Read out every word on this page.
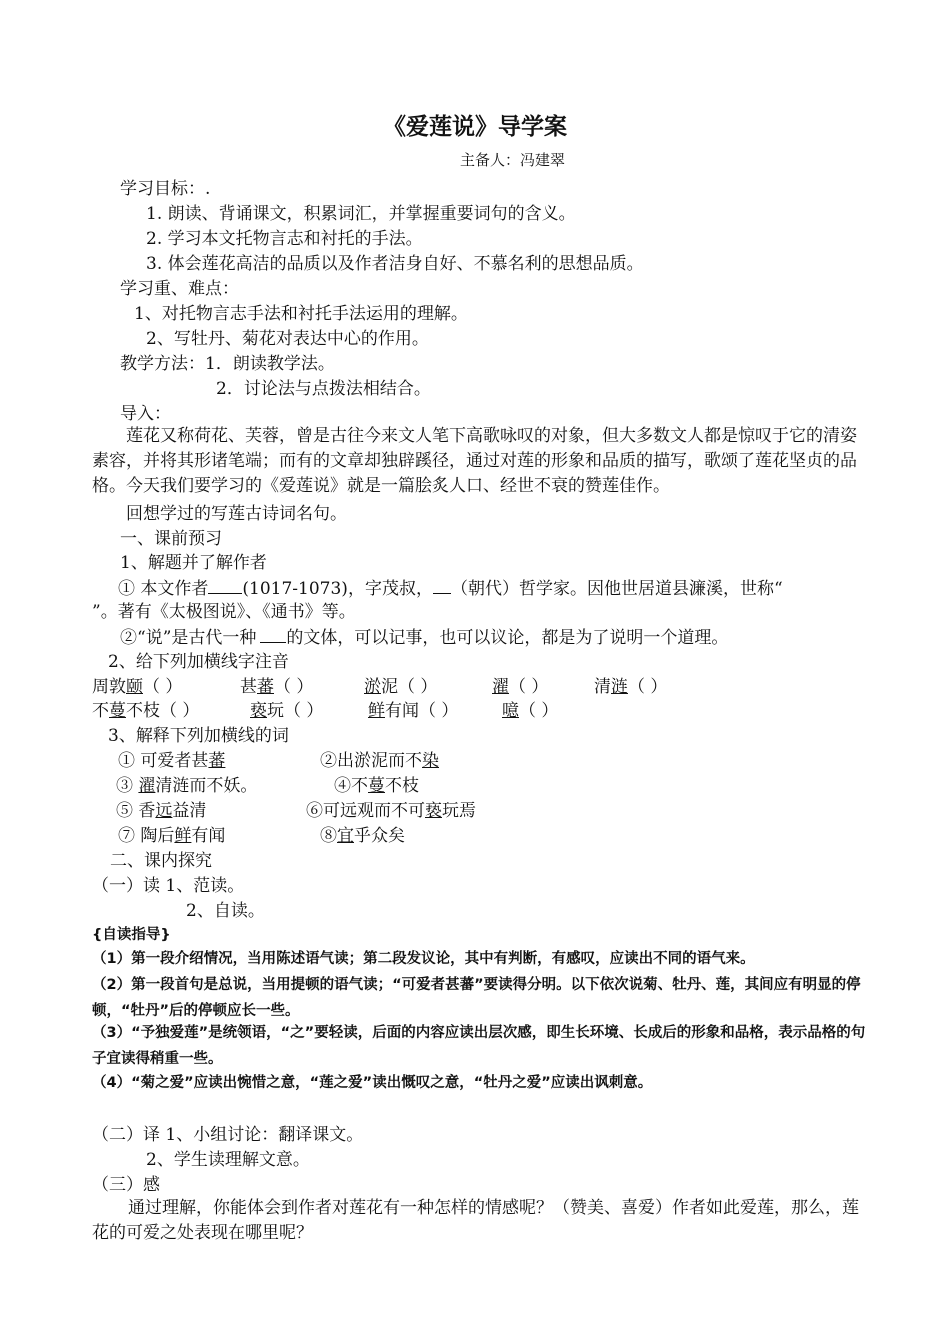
《爱莲说》导学案
主备人：冯建翠
学习目标：.
1. 朗读、背诵课文，积累词汇，并掌握重要词句的含义。
2. 学习本文托物言志和衬托的手法。
3. 体会莲花高洁的品质以及作者洁身自好、不慕名利的思想品质。
学习重、难点：
1、对托物言志手法和衬托手法运用的理解。
2、写牡丹、菊花对表达中心的作用。
教学方法：1．朗读教学法。
2．讨论法与点拨法相结合。
导入：
莲花又称荷花、芙蓉，曾是古往今来文人笔下高歌咏叹的对象，但大多数文人都是惊叹于它的清姿素容，并将其形诸笔端；而有的文章却独辟蹊径，通过对莲的形象和品质的描写，歌颂了莲花坚贞的品格。今天我们要学习的《爱莲说》就是一篇脍炙人口、经世不衰的赞莲佳作。
回想学过的写莲古诗词名句。
一、课前预习
1、解题并了解作者
① 本文作者 (1017-1073)，字茂叔， （朝代）哲学家。因他世居道县濂溪，世称“
”。著有《太极图说》、《通书》等。
②“说”是古代一种 的文体，可以记事，也可以议论，都是为了说明一个道理。
2、给下列加横线字注音
周敦颐（ ）	甚蕃（ ）	淤泥（ ）	濯（ ）	清涟（ ）
不蔓不枝（ ）	亵玩（ ）	鲜有闻（ ）	噫（ ）
3、解释下列加横线的词
① 可爱者甚蕃	②出淤泥而不染
③ 濯清涟而不妖。	④不蔓不枝
⑤ 香远益清	⑥可远观而不可亵玩焉
⑦ 陶后鲜有闻	⑧宜乎众矣
二、课内探究
（一）读 1、范读。
2、自读。
{自读指导}
（1）第一段介绍情况，当用陈述语气读；第二段发议论，其中有判断，有感叹，应读出不同的语气来。
（2）第一段首句是总说，当用提顿的语气读；“可爱者甚蕃”要读得分明。以下依次说菊、牡丹、莲，其间应有明显的停顿，“牡丹”后的停顿应长一些。
（3）“予独爱莲”是统领语，“之”要轻读，后面的内容应读出层次感，即生长环境、长成后的形象和品格，表示品格的句子宜读得稍重一些。
（4）“菊之爱”应读出惋惜之意，“莲之爱”读出慨叹之意，“牡丹之爱”应读出讽刺意。
（二）译 1、小组讨论：翻译课文。
2、学生读理解文意。
（三）感
通过理解，你能体会到作者对莲花有一种怎样的情感呢？（赞美、喜爱）作者如此爱莲，那么，莲花的可爱之处表现在哪里呢？
